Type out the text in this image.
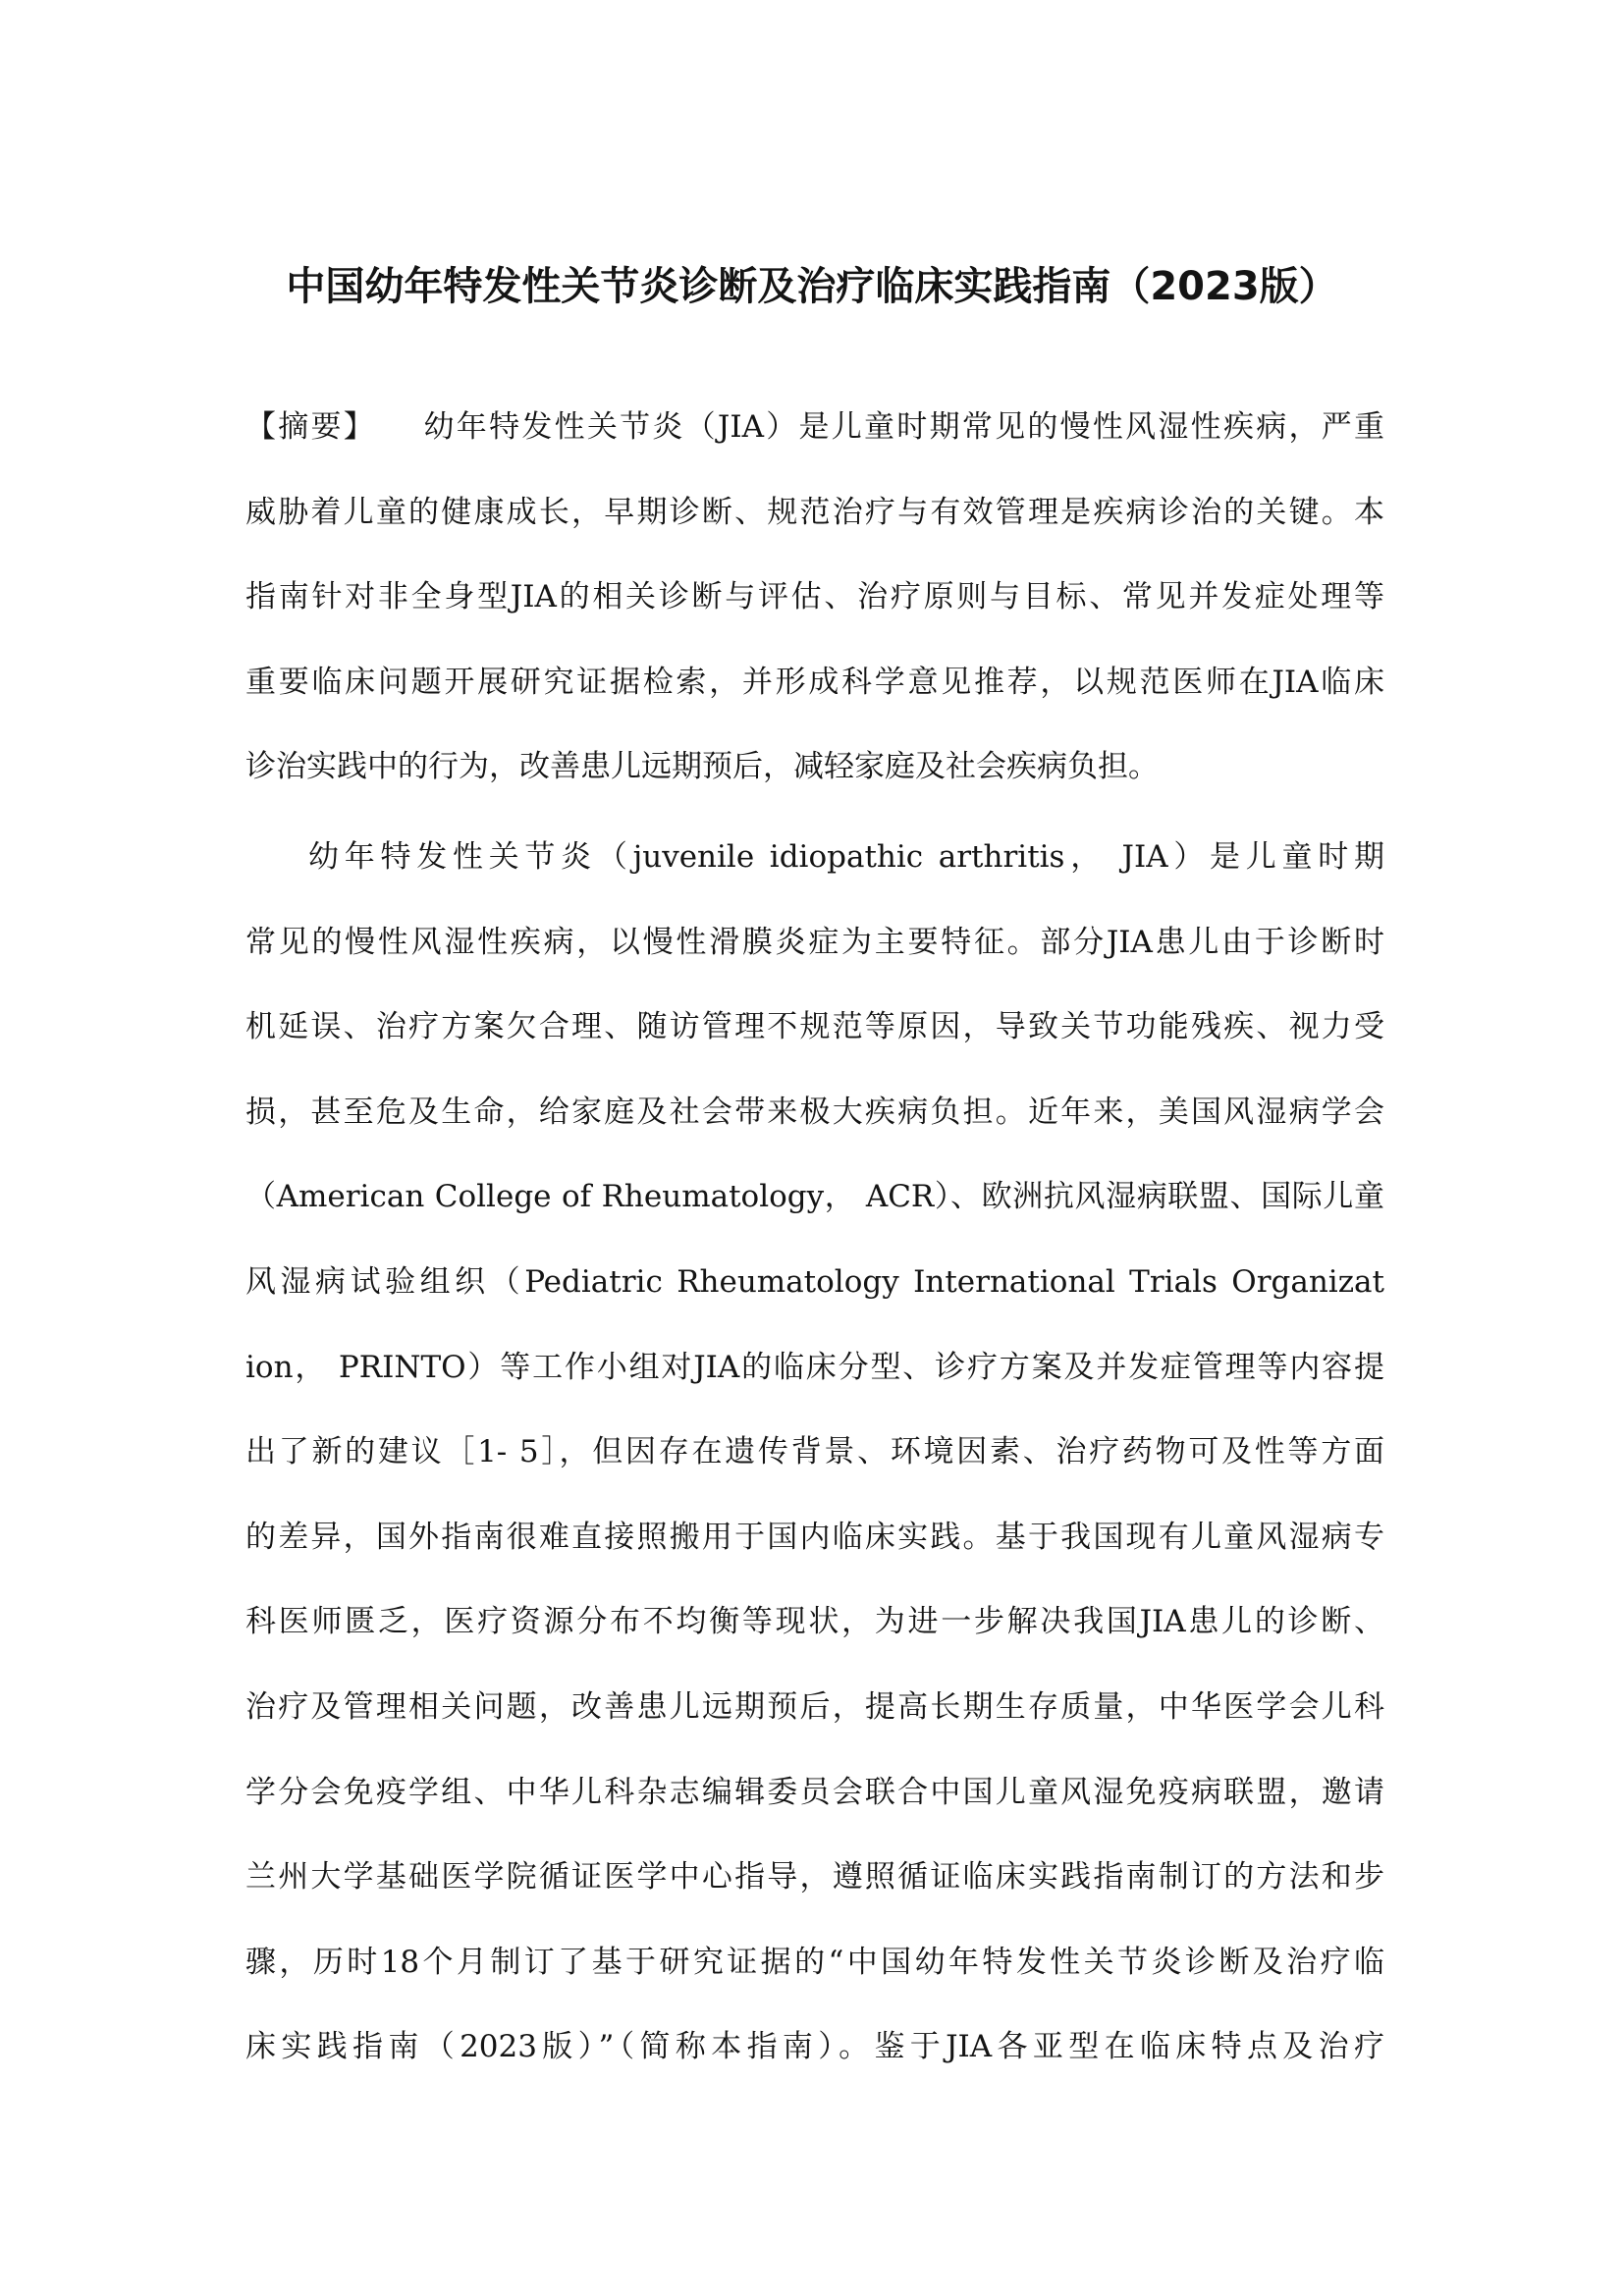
中国幼年特发性关节炎诊断及治疗临床实践指南（2023版）
【摘要】 幼年特发性关节炎（JIA）是儿童时期常见的慢性风湿性疾病，严重
威胁着儿童的健康成长，早期诊断、规范治疗与有效管理是疾病诊治的关键。本
指南针对非全身型JIA的相关诊断与评估、治疗原则与目标、常见并发症处理等
重要临床问题开展研究证据检索，并形成科学意见推荐，以规范医师在JIA临床
诊治实践中的行为，改善患儿远期预后，减轻家庭及社会疾病负担。
幼年特发性关节炎（juvenile idiopathic arthritis， JIA）是儿童时期
常见的慢性风湿性疾病，以慢性滑膜炎症为主要特征。部分JIA患儿由于诊断时
机延误、治疗方案欠合理、随访管理不规范等原因，导致关节功能残疾、视力受
损，甚至危及生命，给家庭及社会带来极大疾病负担。近年来，美国风湿病学会
（American College of Rheumatology， ACR）、欧洲抗风湿病联盟、国际儿童
风湿病试验组织（Pediatric Rheumatology International Trials Organizat
ion， PRINTO）等工作小组对JIA的临床分型、诊疗方案及并发症管理等内容提
出了新的建议［1- 5］，但因存在遗传背景、环境因素、治疗药物可及性等方面
的差异，国外指南很难直接照搬用于国内临床实践。基于我国现有儿童风湿病专
科医师匮乏，医疗资源分布不均衡等现状，为进一步解决我国JIA患儿的诊断、
治疗及管理相关问题，改善患儿远期预后，提高长期生存质量，中华医学会儿科
学分会免疫学组、中华儿科杂志编辑委员会联合中国儿童风湿免疫病联盟，邀请
兰州大学基础医学院循证医学中心指导，遵照循证临床实践指南制订的方法和步
骤，历时18个月制订了基于研究证据的“中国幼年特发性关节炎诊断及治疗临
床实践指南（2023版）”（简称本指南）。鉴于JIA各亚型在临床特点及治疗
